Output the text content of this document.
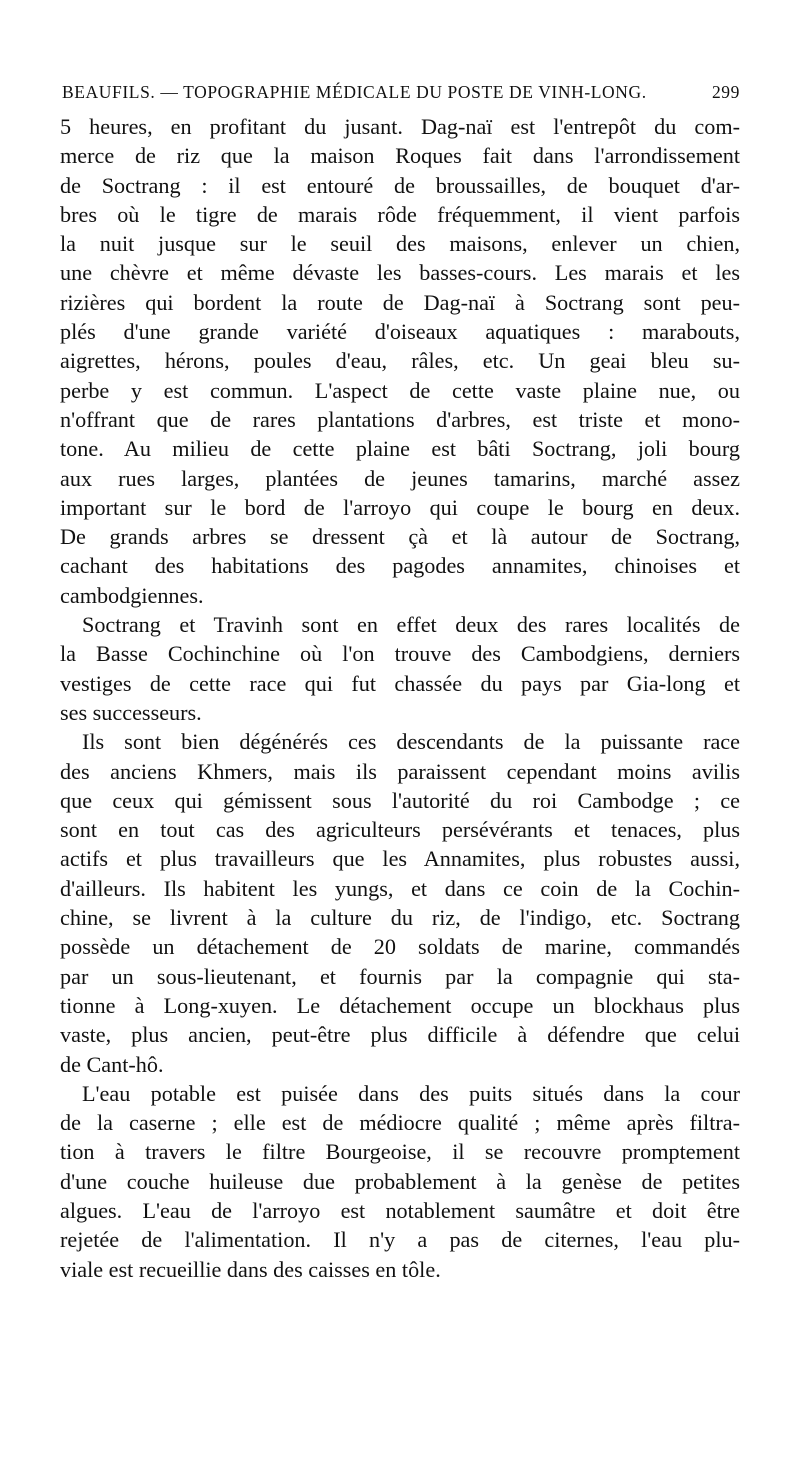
BEAUFILS. — TOPOGRAPHIE MÉDICALE DU POSTE DE VINH-LONG.	299
5 heures, en profitant du jusant. Dag-naï est l'entrepôt du com-
merce de riz que la maison Roques fait dans l'arrondissement
de Soctrang : il est entouré de broussailles, de bouquet d'ar-
bres où le tigre de marais rôde fréquemment, il vient parfois
la nuit jusque sur le seuil des maisons, enlever un chien,
une chèvre et même dévaste les basses-cours. Les marais et les
rizières qui bordent la route de Dag-naï à Soctrang sont peu-
plés d'une grande variété d'oiseaux aquatiques : marabouts,
aigrettes, hérons, poules d'eau, râles, etc. Un geai bleu su-
perbe y est commun. L'aspect de cette vaste plaine nue, ou
n'offrant que de rares plantations d'arbres, est triste et mono-
tone. Au milieu de cette plaine est bâti Soctrang, joli bourg
aux rues larges, plantées de jeunes tamarins, marché assez
important sur le bord de l'arroyo qui coupe le bourg en deux.
De grands arbres se dressent çà et là autour de Soctrang,
cachant des habitations des pagodes annamites, chinoises et
cambodgiennes.
Soctrang et Travinh sont en effet deux des rares localités de
la Basse Cochinchine où l'on trouve des Cambodgiens, derniers
vestiges de cette race qui fut chassée du pays par Gia-long et
ses successeurs.
Ils sont bien dégénérés ces descendants de la puissante race
des anciens Khmers, mais ils paraissent cependant moins avilis
que ceux qui gémissent sous l'autorité du roi Cambodge ; ce
sont en tout cas des agriculteurs persévérants et tenaces, plus
actifs et plus travailleurs que les Annamites, plus robustes aussi,
d'ailleurs. Ils habitent les yungs, et dans ce coin de la Cochin-
chine, se livrent à la culture du riz, de l'indigo, etc. Soctrang
possède un détachement de 20 soldats de marine, commandés
par un sous-lieutenant, et fournis par la compagnie qui sta-
tionne à Long-xuyen. Le détachement occupe un blockhaus plus
vaste, plus ancien, peut-être plus difficile à défendre que celui
de Cant-hô.
L'eau potable est puisée dans des puits situés dans la cour
de la caserne ; elle est de médiocre qualité ; même après filtra-
tion à travers le filtre Bourgeoise, il se recouvre promptement
d'une couche huileuse due probablement à la genèse de petites
algues. L'eau de l'arroyo est notablement saumâtre et doit être
rejetée de l'alimentation. Il n'y a pas de citernes, l'eau plu-
viale est recueillie dans des caisses en tôle.
